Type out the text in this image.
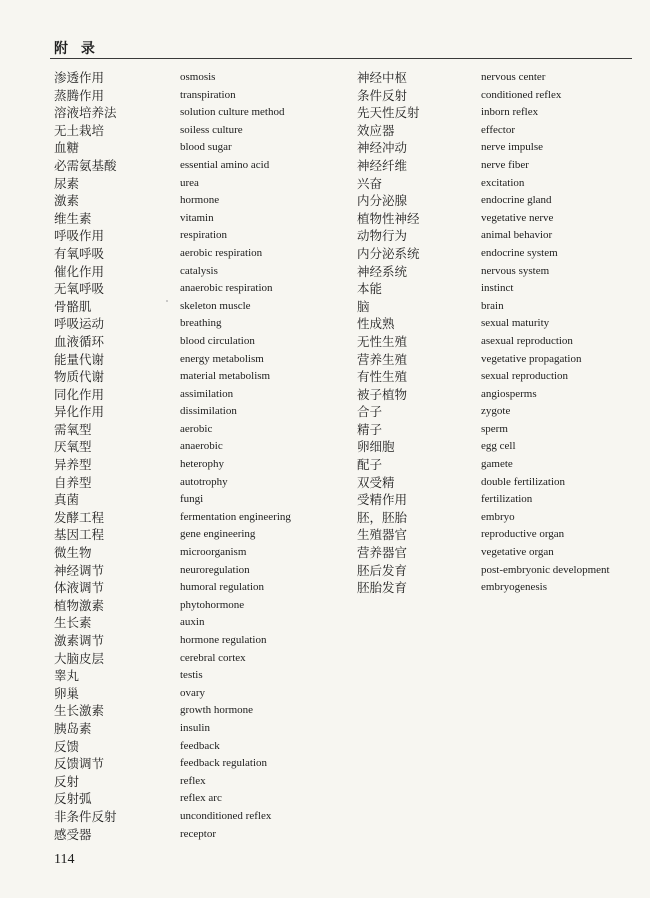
附 录
渗透作用	osmosis
蒸腾作用	transpiration
溶液培养法	solution culture method
无土栽培	soiless culture
血糖	blood sugar
必需氨基酸	essential amino acid
尿素	urea
激素	hormone
维生素	vitamin
呼吸作用	respiration
有氧呼吸	aerobic respiration
催化作用	catalysis
无氧呼吸	anaerobic respiration
骨骼肌	skeleton muscle
呼吸运动	breathing
血液循环	blood circulation
能量代谢	energy metabolism
物质代谢	material metabolism
同化作用	assimilation
异化作用	dissimilation
需氧型	aerobic
厌氧型	anaerobic
异养型	heterophy
自养型	autotrophy
真菌	fungi
发酵工程	fermentation engineering
基因工程	gene engineering
微生物	microorganism
神经调节	neuroregulation
体液调节	humoral regulation
植物激素	phytohormone
生长素	auxin
激素调节	hormone regulation
大脑皮层	cerebral cortex
睾丸	testis
卵巢	ovary
生长激素	growth hormone
胰岛素	insulin
反馈	feedback
反馈调节	feedback regulation
反射	reflex
反射弧	reflex arc
非条件反射	unconditioned reflex
感受器	receptor
神经中枢	nervous center
条件反射	conditioned reflex
先天性反射	inborn reflex
效应器	effector
神经冲动	nerve impulse
神经纤维	nerve fiber
兴奋	excitation
内分泌腺	endocrine gland
植物性神经	vegetative nerve
动物行为	animal behavior
内分泌系统	endocrine system
神经系统	nervous system
本能	instinct
脑	brain
性成熟	sexual maturity
无性生殖	asexual reproduction
营养生殖	vegetative propagation
有性生殖	sexual reproduction
被子植物	angiosperms
合子	zygote
精子	sperm
卵细胞	egg cell
配子	gamete
双受精	double fertilization
受精作用	fertilization
胚，胚胎	embryo
生殖器官	reproductive organ
营养器官	vegetative organ
胚后发育	post-embryonic development
胚胎发育	embryogenesis
114
